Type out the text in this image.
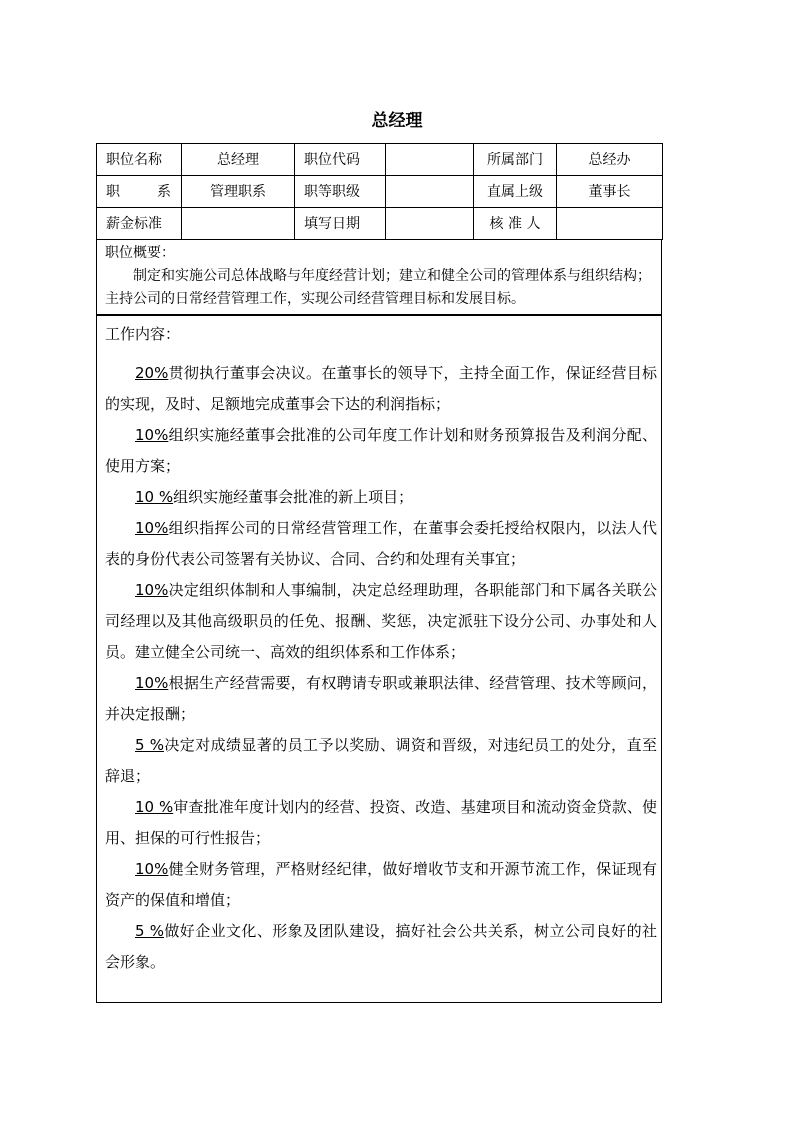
总经理
职位名称	总经理	职位代码		所属部门	总经办

职 系	管理职系	职等职级		直属上级	董事长
薪金标准		填写日期		核 准 人	
职位概要：
制定和实施公司总体战略与年度经营计划；建立和健全公司的管理体系与组织结构；主持公司的日常经营管理工作，实现公司经营管理目标和发展目标。
工作内容：

20%贯彻执行董事会决议。在董事长的领导下，主持全面工作，保证经营目标的实现，及时、足额地完成董事会下达的利润指标；

10%组织实施经董事会批准的公司年度工作计划和财务预算报告及利润分配、使用方案；

10 %组织实施经董事会批准的新上项目；

10%组织指挥公司的日常经营管理工作，在董事会委托授给权限内，以法人代表的身份代表公司签署有关协议、合同、合约和处理有关事宜；

10%决定组织体制和人事编制，决定总经理助理，各职能部门和下属各关联公司经理以及其他高级职员的任免、报酬、奖惩，决定派驻下设分公司、办事处和人员。建立健全公司统一、高效的组织体系和工作体系；

10%根据生产经营需要，有权聘请专职或兼职法律、经营管理、技术等顾问，并决定报酬；

5 %决定对成绩显著的员工予以奖励、调资和晋级，对违纪员工的处分，直至辞退；

10 %审查批准年度计划内的经营、投资、改造、基建项目和流动资金贷款、使用、担保的可行性报告；

10%健全财务管理，严格财经纪律，做好增收节支和开源节流工作，保证现有资产的保值和增值；

5 %做好企业文化、形象及团队建设，搞好社会公共关系，树立公司良好的社会形象。
